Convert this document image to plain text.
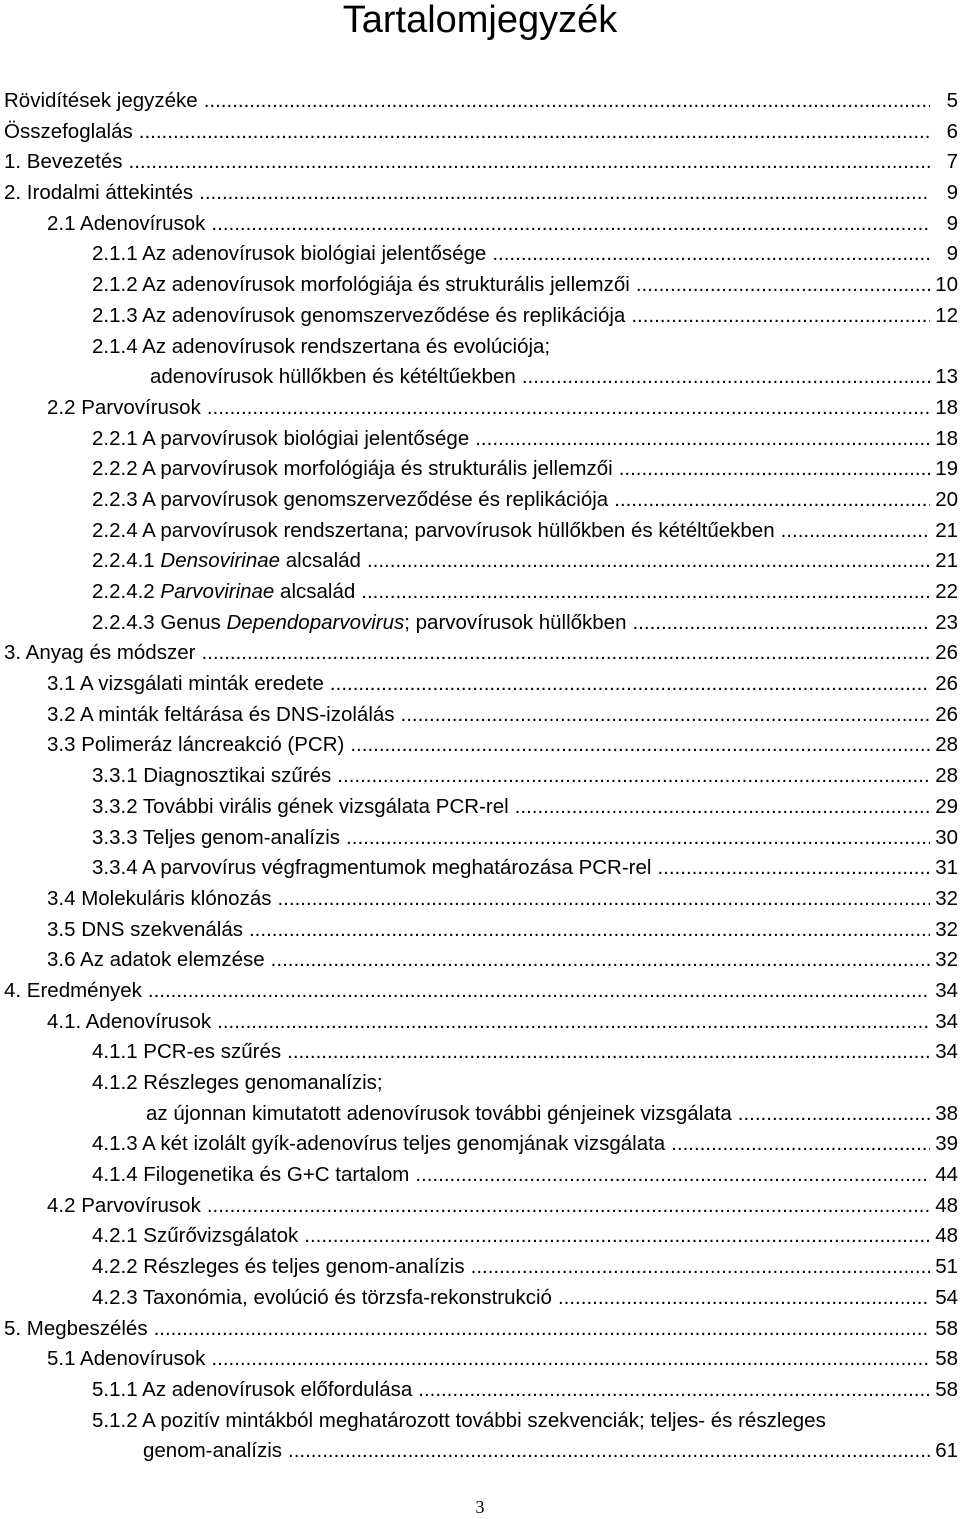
Tartalomjegyzék
Rövidítések jegyzéke .....	5
Összefoglalás .....	6
1. Bevezetés .....	7
2. Irodalmi áttekintés .....	9
2.1 Adenovírusok .....	9
2.1.1 Az adenovírusok biológiai jelentősége .....	9
2.1.2 Az adenovírusok morfológiája és strukturális jellemzői .....	10
2.1.3 Az adenovírusok genomszerveződése és replikációja .....	12
2.1.4 Az adenovírusok rendszertana és evolúciója;
adenovírusok hüllőkben és kétéltűekben .....	13
2.2 Parvovírusok .....	18
2.2.1 A parvovírusok biológiai jelentősége .....	18
2.2.2 A parvovírusok morfológiája és strukturális jellemzői .....	19
2.2.3 A parvovírusok genomszerveződése és replikációja .....	20
2.2.4 A parvovírusok rendszertana; parvovírusok hüllőkben és kétéltűekben .....	21
2.2.4.1 Densovirinae alcsalád .....	21
2.2.4.2 Parvovirinae alcsalád .....	22
2.2.4.3 Genus Dependoparvovirus; parvovírusok hüllőkben .....	23
3. Anyag és módszer .....	26
3.1 A vizsgálati minták eredete .....	26
3.2 A minták feltárása és DNS-izolálás .....	26
3.3 Polimeráz láncreakció (PCR) .....	28
3.3.1 Diagnosztikai szűrés .....	28
3.3.2 További virális gének vizsgálata PCR-rel .....	29
3.3.3 Teljes genom-analízis .....	30
3.3.4 A parvovírus végfragmentumok meghatározása PCR-rel .....	31
3.4 Molekuláris klónozás .....	32
3.5 DNS szekvenálás .....	32
3.6 Az adatok elemzése .....	32
4. Eredmények .....	34
4.1. Adenovírusok .....	34
4.1.1 PCR-es szűrés .....	34
4.1.2 Részleges genomanalízis;
az újonnan kimutatott adenovírusok további génjeinek vizsgálata .....	38
4.1.3 A két izolált gyík-adenovírus teljes genomjának vizsgálata .....	39
4.1.4 Filogenetika és G+C tartalom .....	44
4.2 Parvovírusok .....	48
4.2.1 Szűrővizsgálatok .....	48
4.2.2 Részleges és teljes genom-analízis .....	51
4.2.3 Taxonómia, evolúció és törzsfa-rekonstrukció .....	54
5. Megbeszélés .....	58
5.1 Adenovírusok .....	58
5.1.1 Az adenovírusok előfordulása .....	58
5.1.2 A pozitív mintákból meghatározott további szekvenciák; teljes- és részleges
genom-analízis .....	61
3
